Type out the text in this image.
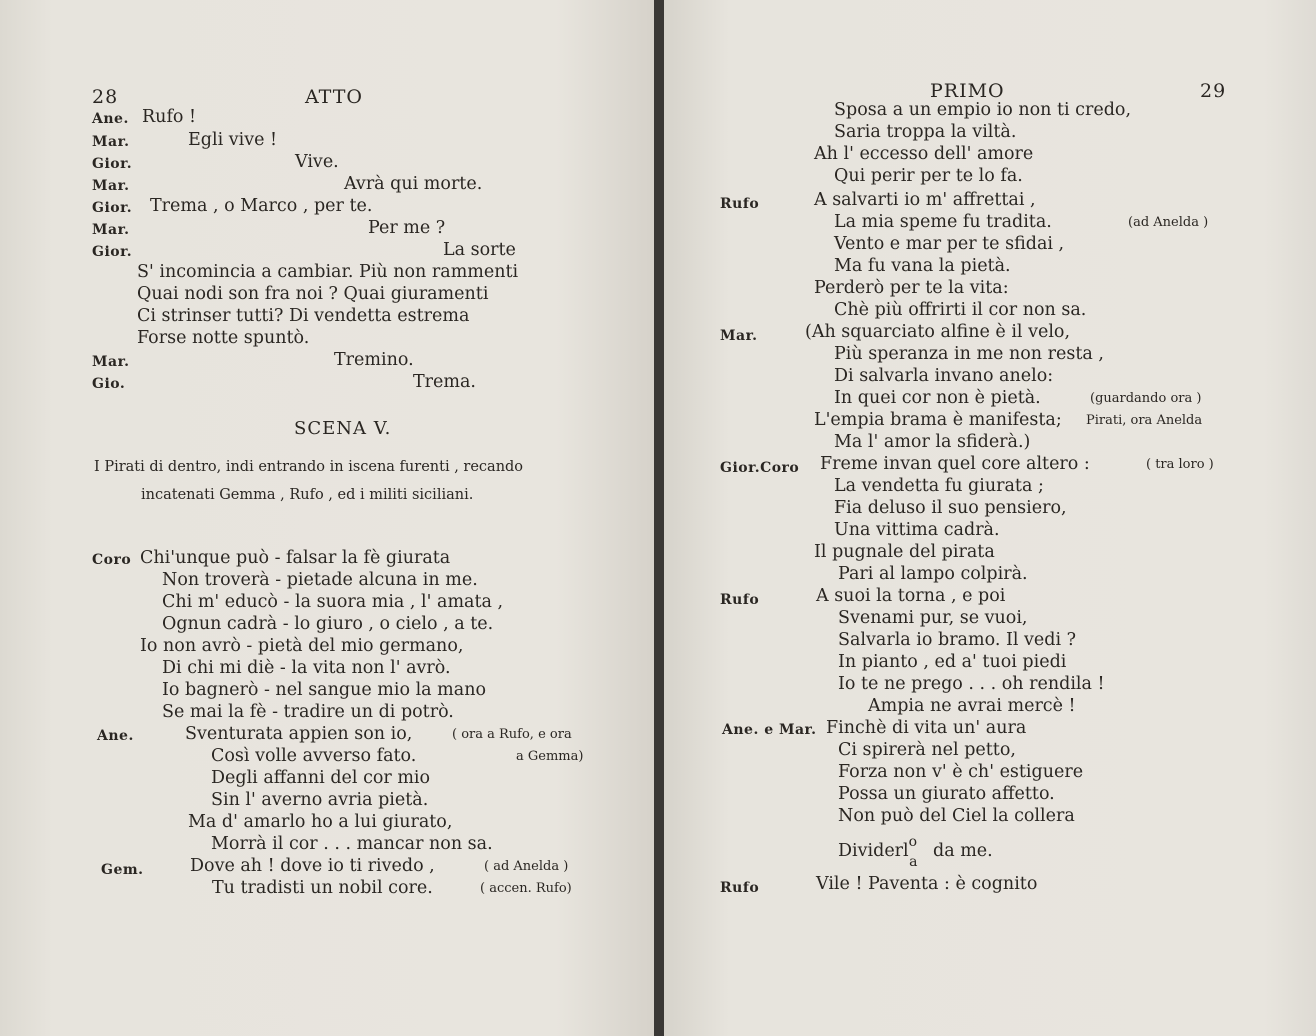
28	ATTO
Ane. Rufo !
Mar.	Egli vive !
Gior.	Vive.
Mar.	Avrà qui morte.
Gior. Trema , o Marco , per te.
Mar.	Per me ?
Gior.	La sorte
S' incomincia a cambiar. Più non rammenti
Quai nodi son fra noi ? Quai giuramenti
Ci strinser tutti? Di vendetta estrema
Forse notte spuntò.
Mar.	Tremino.
Gio.	Trema.
SCENA V.
I Pirati di dentro, indi entrando in iscena furenti , recando
incatenati Gemma , Rufo , ed i militi siciliani.
Coro Chi'unque può - falsar la fè giurata
Non troverà - pietade alcuna in me.
Chi m' educò - la suora mia , l' amata ,
Ognun cadrà - lo giuro , o cielo , a te.
Io non avrò - pietà del mio germano,
Di chi mi diè - la vita non l' avrò.
Io bagnerò - nel sangue mio la mano
Se mai la fè - tradire un di potrò.
Ane.	Sventurata appien son io,	( ora a Rufo, e ora
Così volle avverso fato.	a Gemma)
Degli affanni del cor mio
Sin l' averno avria pietà.
Ma d' amarlo ho a lui giurato,
Morrà il cor . . . mancar non sa.
Gem.	Dove ah ! dove io ti rivedo ,	( ad Anelda )
Tu tradisti un nobil core.	( accen. Rufo)
PRIMO	29
Sposa a un empio io non ti credo,
Saria troppa la viltà.
Ah l' eccesso dell' amore
Qui perir per te lo fa.
Rufo	A salvarti io m' affrettai ,
La mia speme fu tradita.	(ad Anelda )
Vento e mar per te sfidai ,
Ma fu vana la pietà.
Perderò per te la vita:
Chè più offrirti il cor non sa.
Mar.	(Ah squarciato alfine è il velo,
Più speranza in me non resta ,
Di salvarla invano anelo:
In quei cor non è pietà.	(guardando ora )
L'empia brama è manifesta; Pirati, ora Anelda
Ma l' amor la sfiderà.)
Gior.Coro Freme invan quel core altero :	( tra loro )
La vendetta fu giurata ;
Fia deluso il suo pensiero,
Una vittima cadrà.
Il pugnale del pirata
Pari al lampo colpirà.
Rufo	A suoi la torna , e poi
Svenami pur, se vuoi,
Salvarla io bramo. Il vedi ?
In pianto , ed a' tuoi piedi
Io te ne prego . . . oh rendila !
Ampia ne avrai mercè !
Ane. e Mar. Finchè di vita un' aura
Ci spirerà nel petto,
Forza non v' è ch' estiguere
Possa un giurato affetto.
Non può del Ciel la collera
Dividerl$^o_a$ da me.
Rufo	Vile ! Paventa : è cognito
